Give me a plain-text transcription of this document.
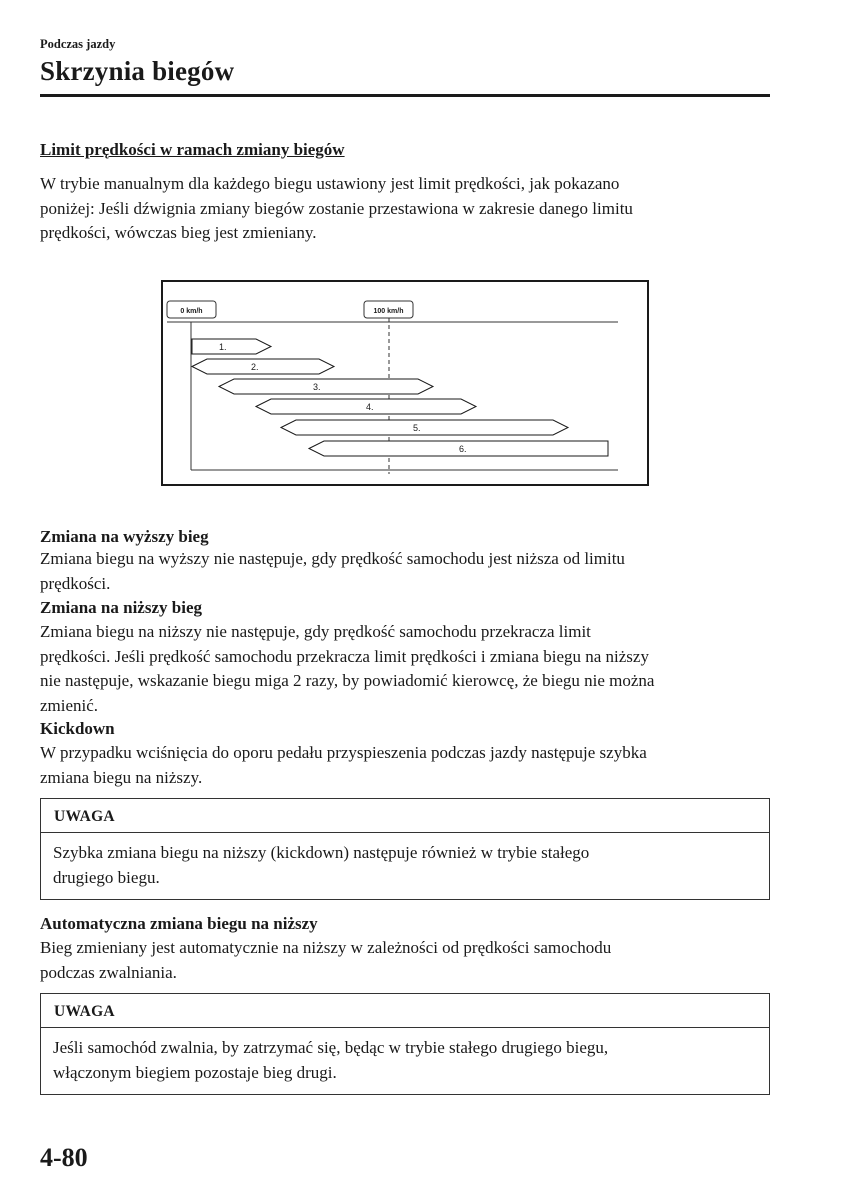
Podczas jazdy
Skrzynia biegów
Limit prędkości w ramach zmiany biegów
W trybie manualnym dla każdego biegu ustawiony jest limit prędkości, jak pokazano
poniżej: Jeśli dźwignia zmiany biegów zostanie przestawiona w zakresie danego limitu
prędkości, wówczas bieg jest zmieniany.
0 km/h	100 km/h
1.
2.
3.
4.
5.
6.
Zmiana na wyższy bieg
Zmiana biegu na wyższy nie następuje, gdy prędkość samochodu jest niższa od limitu
prędkości.
Zmiana na niższy bieg
Zmiana biegu na niższy nie następuje, gdy prędkość samochodu przekracza limit
prędkości. Jeśli prędkość samochodu przekracza limit prędkości i zmiana biegu na niższy
nie następuje, wskazanie biegu miga 2 razy, by powiadomić kierowcę, że biegu nie można
zmienić.
Kickdown
W przypadku wciśnięcia do oporu pedału przyspieszenia podczas jazdy następuje szybka
zmiana biegu na niższy.
UWAGA
Szybka zmiana biegu na niższy (kickdown) następuje również w trybie stałego
drugiego biegu.
Automatyczna zmiana biegu na niższy
Bieg zmieniany jest automatycznie na niższy w zależności od prędkości samochodu
podczas zwalniania.
UWAGA
Jeśli samochód zwalnia, by zatrzymać się, będąc w trybie stałego drugiego biegu,
włączonym biegiem pozostaje bieg drugi.
4-80
